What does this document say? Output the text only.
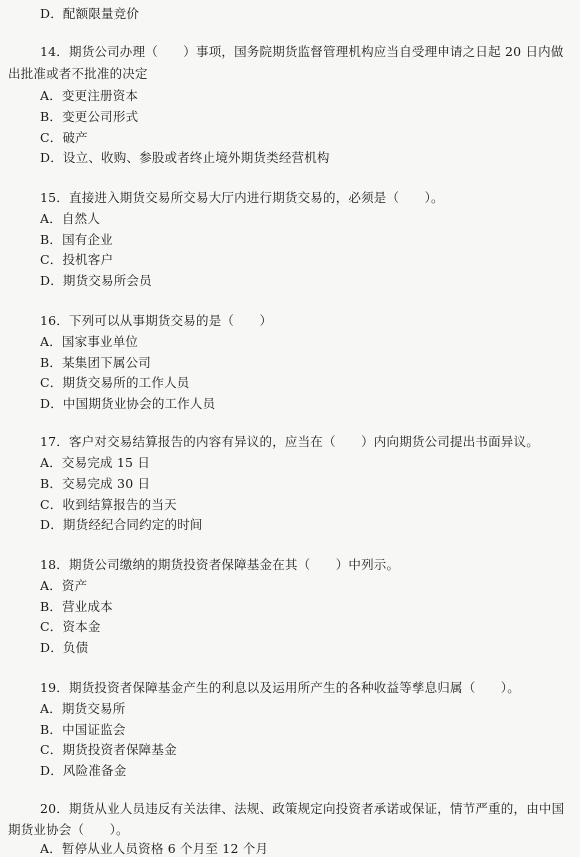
D．配额限量竞价
14．期货公司办理（　　）事项，国务院期货监督管理机构应当自受理申请之日起 20 日内做
出批准或者不批准的决定
A．变更注册资本
B．变更公司形式
C．破产
D．设立、收购、参股或者终止境外期货类经营机构
15．直接进入期货交易所交易大厅内进行期货交易的，必须是（　　）。
A．自然人
B．国有企业
C．投机客户
D．期货交易所会员
16．下列可以从事期货交易的是（　　）
A．国家事业单位
B．某集团下属公司
C．期货交易所的工作人员
D．中国期货业协会的工作人员
17．客户对交易结算报告的内容有异议的，应当在（　　）内向期货公司提出书面异议。
A．交易完成 15 日
B．交易完成 30 日
C．收到结算报告的当天
D．期货经纪合同约定的时间
18．期货公司缴纳的期货投资者保障基金在其（　　）中列示。
A．资产
B．营业成本
C．资本金
D．负债
19．期货投资者保障基金产生的利息以及运用所产生的各种收益等孳息归属（　　）。
A．期货交易所
B．中国证监会
C．期货投资者保障基金
D．风险准备金
20．期货从业人员违反有关法律、法规、政策规定向投资者承诺或保证，情节严重的，由中国
期货业协会（　　）。
A．暂停从业人员资格 6 个月至 12 个月
